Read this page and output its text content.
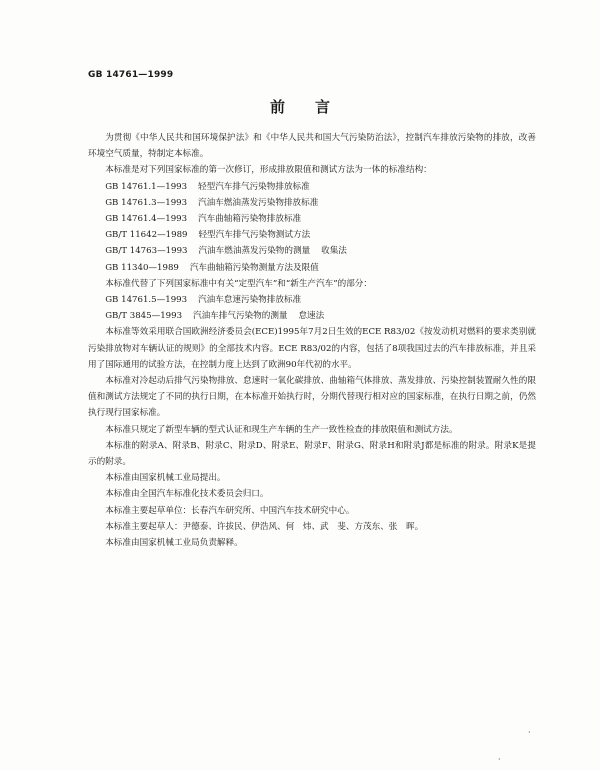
GB 14761—1999
前言

为贯彻《中华人民共和国环境保护法》和《中华人民共和国大气污染防治法》，控制汽车排放污染物的排放，改善环境空气质量，特制定本标准。

本标准是对下列国家标准的第一次修订，形成排放限值和测试方法为一体的标准结构：

GB 14761.1—1993    轻型汽车排气污染物排放标准

GB 14761.3—1993    汽油车燃油蒸发污染物排放标准

GB 14761.4—1993    汽车曲轴箱污染物排放标准

GB/T 11642—1989    轻型汽车排气污染物测试方法

GB/T 14763—1993    汽油车燃油蒸发污染物的测量    收集法

GB 11340—1989    汽车曲轴箱污染物测量方法及限值

本标准代替了下列国家标准中有关“定型汽车”和“新生产汽车”的部分：

GB 14761.5—1993    汽油车怠速污染物排放标准

GB/T 3845—1993    汽油车排气污染物的测量    怠速法

本标准等效采用联合国欧洲经济委员会(ECE)1995年7月2日生效的ECE R83/02《按发动机对燃料的要求类别就污染排放物对车辆认证的规则》的全部技术内容。ECE R83/02的内容，包括了8项我国过去的汽车排放标准，并且采用了国际通用的试验方法，在控制力度上达到了欧洲90年代初的水平。

本标准对冷起动后排气污染物排放、怠速时一氧化碳排放、曲轴箱气体排放、蒸发排放、污染控制装置耐久性的限值和测试方法规定了不同的执行日期，在本标准开始执行时，分期代替现行相对应的国家标准，在执行日期之前，仍然执行现行国家标准。

本标准只规定了新型车辆的型式认证和现生产车辆的生产一致性检查的排放限值和测试方法。

本标准的附录A、附录B、附录C、附录D、附录E、附录F、附录G、附录H和附录J都是标准的附录。附录K是提示的附录。

本标准由国家机械工业局提出。

本标准由全国汽车标准化技术委员会归口。

本标准主要起草单位：长春汽车研究所、中国汽车技术研究中心。

本标准主要起草人：尹德泰、许拔民、伊浩风、何　炜、武　斐、方茂东、张　晖。

本标准由国家机械工业局负责解释。

·
·
